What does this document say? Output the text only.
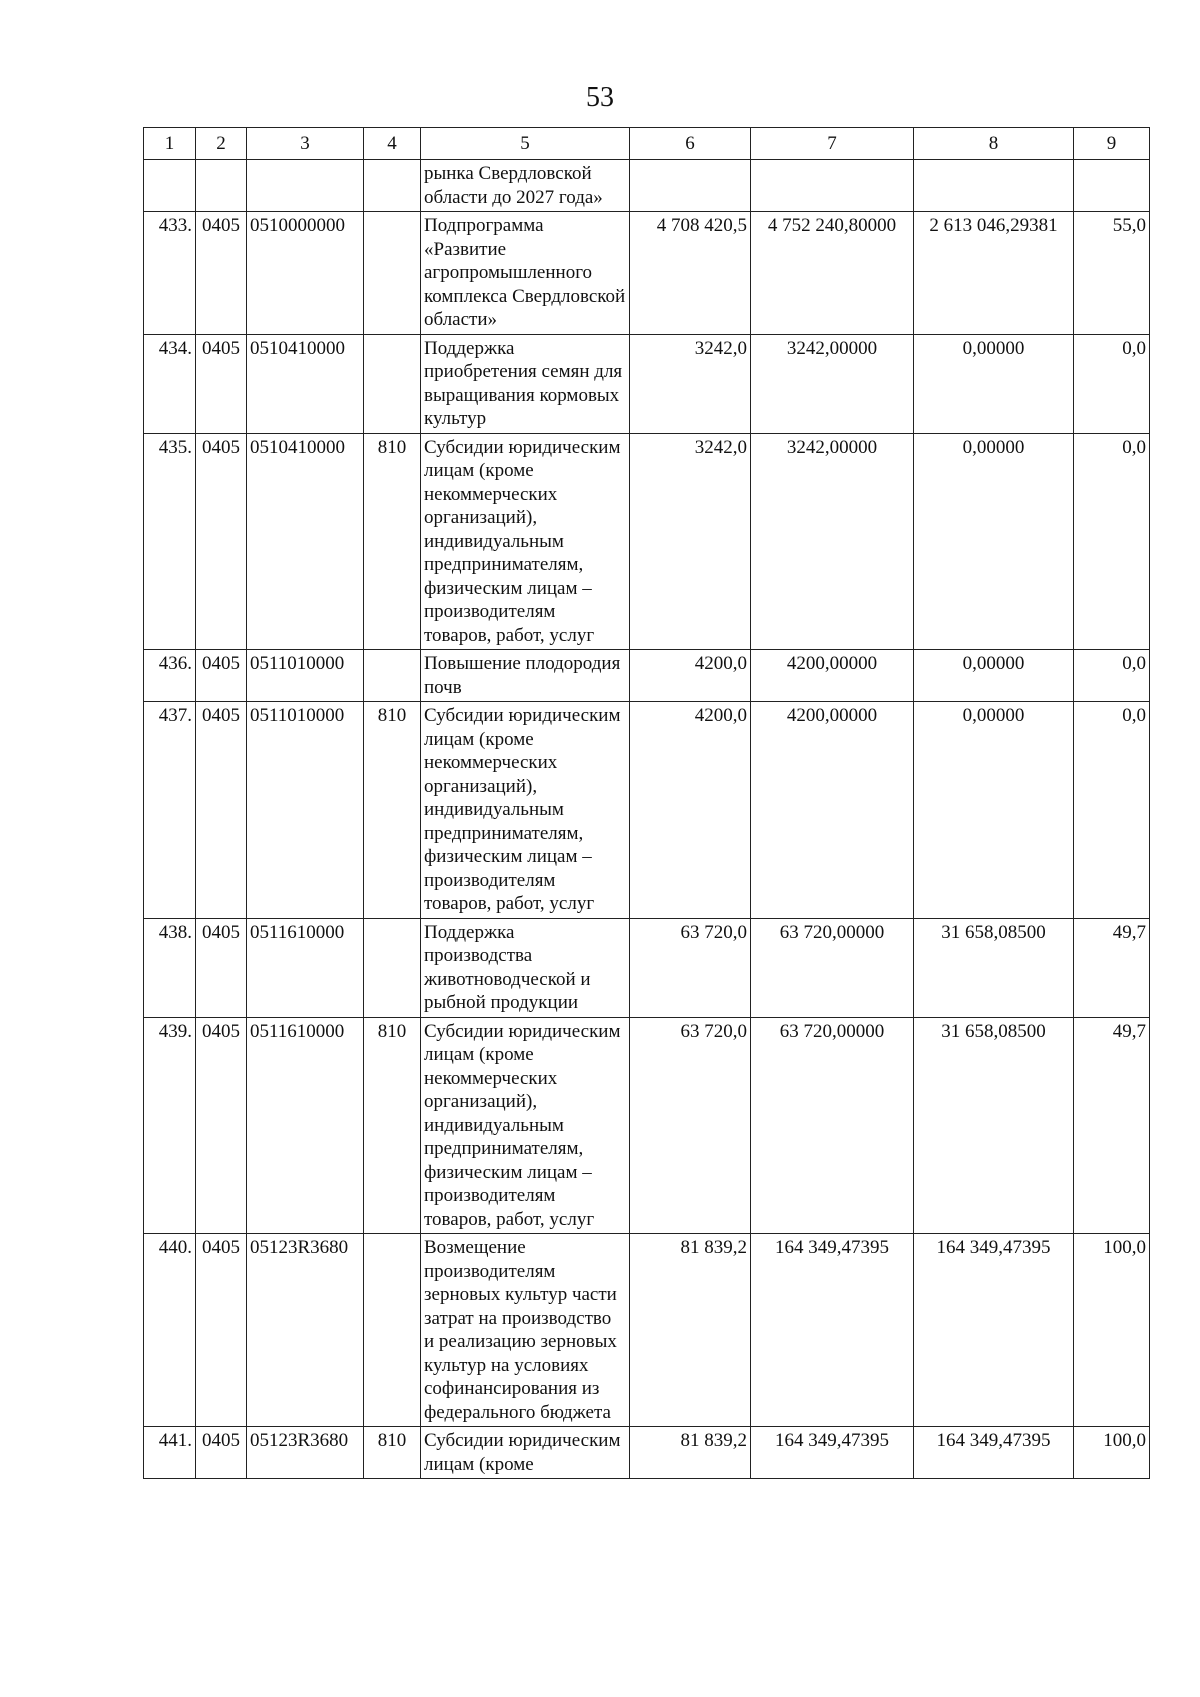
53
1	2	3	4	5	6	7	8	9
				рынка Свердловской области до 2027 года»				
433.	0405	0510000000		Подпрограмма «Развитие агропромышленного комплекса Свердловской области»	4 708 420,5	4 752 240,80000	2 613 046,29381	55,0
434.	0405	0510410000		Поддержка приобретения семян для выращивания кормовых культур	3242,0	3242,00000	0,00000	0,0
435.	0405	0510410000	810	Субсидии юридическим лицам (кроме некоммерческих организаций), индивидуальным предпринимателям, физическим лицам – производителям товаров, работ, услуг	3242,0	3242,00000	0,00000	0,0
436.	0405	0511010000		Повышение плодородия почв	4200,0	4200,00000	0,00000	0,0
437.	0405	0511010000	810	Субсидии юридическим лицам (кроме некоммерческих организаций), индивидуальным предпринимателям, физическим лицам – производителям товаров, работ, услуг	4200,0	4200,00000	0,00000	0,0
438.	0405	0511610000		Поддержка производства животноводческой и рыбной продукции	63 720,0	63 720,00000	31 658,08500	49,7
439.	0405	0511610000	810	Субсидии юридическим лицам (кроме некоммерческих организаций), индивидуальным предпринимателям, физическим лицам – производителям товаров, работ, услуг	63 720,0	63 720,00000	31 658,08500	49,7
440.	0405	05123R3680		Возмещение производителям зерновых культур части затрат на производство и реализацию зерновых культур на условиях софинансирования из федерального бюджета	81 839,2	164 349,47395	164 349,47395	100,0
441.	0405	05123R3680	810	Субсидии юридическим лицам (кроме	81 839,2	164 349,47395	164 349,47395	100,0
